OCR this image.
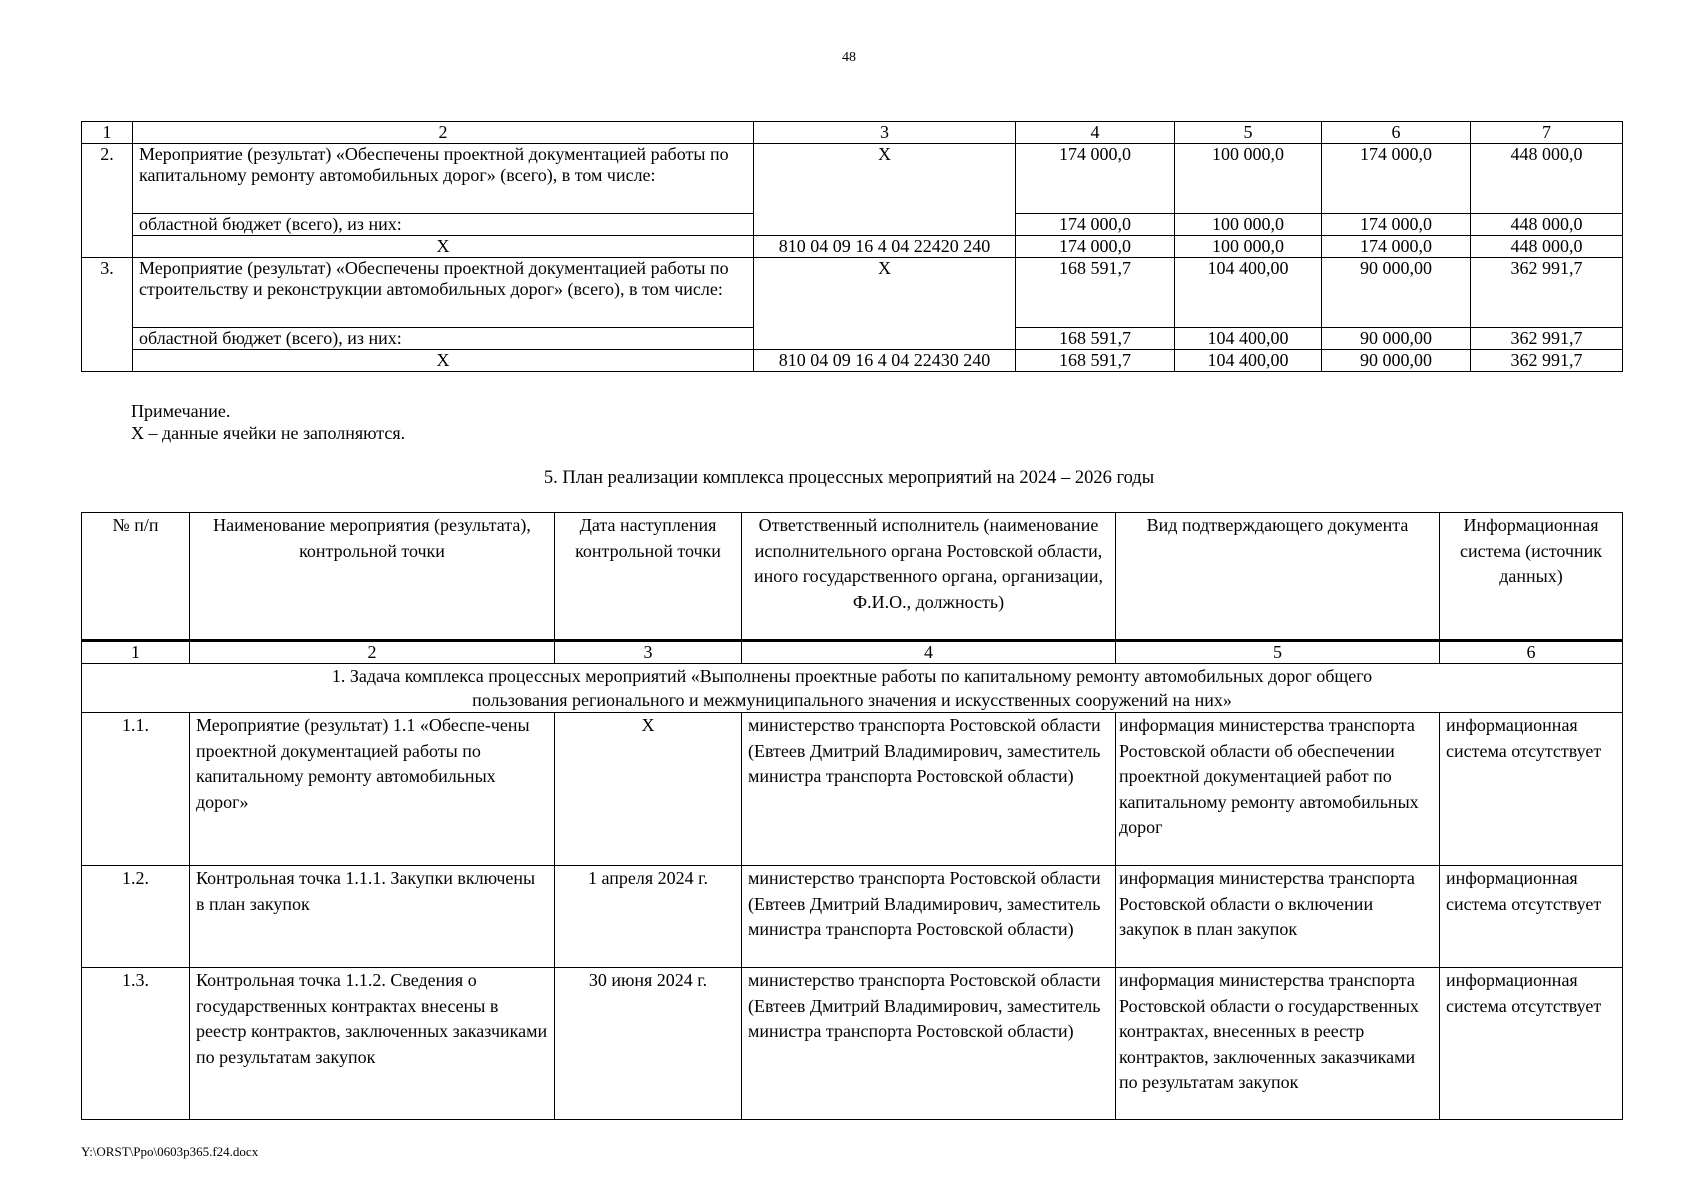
48
1	2	3	4	5	6	7
2.	Мероприятие (результат) «Обеспечены проектной документацией работы по капитальному ремонту автомобильных дорог» (всего), в том числе:	Х	174 000,0	100 000,0	174 000,0	448 000,0
	областной бюджет (всего), из них:		174 000,0	100 000,0	174 000,0	448 000,0
	Х	810 04 09 16 4 04 22420 240	174 000,0	100 000,0	174 000,0	448 000,0
3.	Мероприятие (результат) «Обеспечены проектной документацией работы по строительству и реконструкции автомобильных дорог» (всего), в том числе:	Х	168 591,7	104 400,00	90 000,00	362 991,7
	областной бюджет (всего), из них:		168 591,7	104 400,00	90 000,00	362 991,7
	Х	810 04 09 16 4 04 22430 240	168 591,7	104 400,00	90 000,00	362 991,7
Примечание.
Х – данные ячейки не заполняются.
5. План реализации комплекса процессных мероприятий на 2024 – 2026 годы
№ п/п	Наименование мероприятия (результата), контрольной точки	Дата наступления контрольной точки	Ответственный исполнитель (наименование исполнительного органа Ростовской области, иного государственного органа, организации, Ф.И.О., должность)	Вид подтверждающего документа	Информационная система (источник данных)
1	2	3	4	5	6
1. Задача комплекса процессных мероприятий «Выполнены проектные работы по капитальному ремонту автомобильных дорог общего пользования регионального и межмуниципального значения и искусственных сооружений на них»					
1.1.	Мероприятие (результат) 1.1 «Обеспе-чены проектной документацией работы по капитальному ремонту автомобильных дорог»	Х	министерство транспорта Ростовской области (Евтеев Дмитрий Владимирович, заместитель министра транспорта Ростовской области)	информация министерства транспорта Ростовской области об обеспечении проектной документацией работ по капитальному ремонту автомобильных дорог	информационная система отсутствует
1.2.	Контрольная точка 1.1.1. Закупки включены в план закупок	1 апреля 2024 г.	министерство транспорта Ростовской области (Евтеев Дмитрий Владимирович, заместитель министра транспорта Ростовской области)	информация министерства транспорта Ростовской области о включении закупок в план закупок	информационная система отсутствует
1.3.	Контрольная точка 1.1.2. Сведения о государственных контрактах внесены в реестр контрактов, заключенных заказчиками по результатам закупок	30 июня 2024 г.	министерство транспорта Ростовской области (Евтеев Дмитрий Владимирович, заместитель министра транспорта Ростовской области)	информация министерства транспорта Ростовской области о государственных контрактах, внесенных в реестр контрактов, заключенных заказчиками по результатам закупок	информационная система отсутствует
Y:\ORST\Ppo\0603p365.f24.docx
